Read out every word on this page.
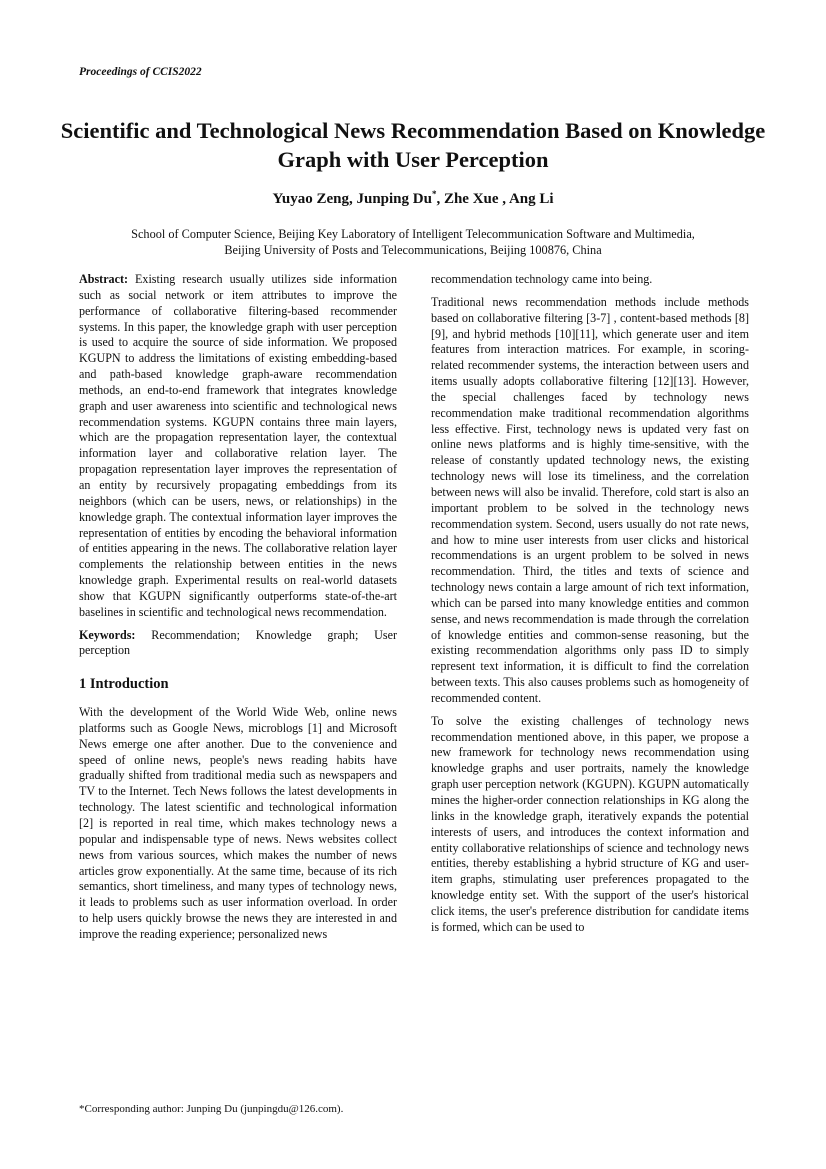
Proceedings of CCIS2022
Scientific and Technological News Recommendation Based on Knowledge Graph with User Perception
Yuyao Zeng, Junping Du*, Zhe Xue , Ang Li
School of Computer Science, Beijing Key Laboratory of Intelligent Telecommunication Software and Multimedia,
Beijing University of Posts and Telecommunications, Beijing 100876, China

Abstract: Existing research usually utilizes side information such as social network or item attributes to improve the performance of collaborative filtering-based recommender systems. In this paper, the knowledge graph with user perception is used to acquire the source of side information. We proposed KGUPN to address the limitations of existing embedding-based and path-based knowledge graph-aware recommendation methods, an end-to-end framework that integrates knowledge graph and user awareness into scientific and technological news recommendation systems. KGUPN contains three main layers, which are the propagation representation layer, the contextual information layer and collaborative relation layer. The propagation representation layer improves the representation of an entity by recursively propagating embeddings from its neighbors (which can be users, news, or relationships) in the knowledge graph. The contextual information layer improves the representation of entities by encoding the behavioral information of entities appearing in the news. The collaborative relation layer complements the relationship between entities in the news knowledge graph. Experimental results on real-world datasets show that KGUPN significantly outperforms state-of-the-art baselines in scientific and technological news recommendation.

Keywords: Recommendation; Knowledge graph; User perception

1 Introduction

With the development of the World Wide Web, online news platforms such as Google News, microblogs [1] and Microsoft News emerge one after another. Due to the convenience and speed of online news, people's news reading habits have gradually shifted from traditional media such as newspapers and TV to the Internet. Tech News follows the latest developments in technology. The latest scientific and technological information [2] is reported in real time, which makes technology news a popular and indispensable type of news. News websites collect news from various sources, which makes the number of news articles grow exponentially. At the same time, because of its rich semantics, short timeliness, and many types of technology news, it leads to problems such as user information overload. In order to help users quickly browse the news they are interested in and improve the reading experience; personalized news

recommendation technology came into being.

Traditional news recommendation methods include methods based on collaborative filtering [3-7] , content-based methods [8][9], and hybrid methods [10][11], which generate user and item features from interaction matrices. For example, in scoring-related recommender systems, the interaction between users and items usually adopts collaborative filtering [12][13]. However, the special challenges faced by technology news recommendation make traditional recommendation algorithms less effective. First, technology news is updated very fast on online news platforms and is highly time-sensitive, with the release of constantly updated technology news, the existing technology news will lose its timeliness, and the correlation between news will also be invalid. Therefore, cold start is also an important problem to be solved in the technology news recommendation system. Second, users usually do not rate news, and how to mine user interests from user clicks and historical recommendations is an urgent problem to be solved in news recommendation. Third, the titles and texts of science and technology news contain a large amount of rich text information, which can be parsed into many knowledge entities and common sense, and news recommendation is made through the correlation of knowledge entities and common-sense reasoning, but the existing recommendation algorithms only pass ID to simply represent text information, it is difficult to find the correlation between texts. This also causes problems such as homogeneity of recommended content.

To solve the existing challenges of technology news recommendation mentioned above, in this paper, we propose a new framework for technology news recommendation using knowledge graphs and user portraits, namely the knowledge graph user perception network (KGUPN). KGUPN automatically mines the higher-order connection relationships in KG along the links in the knowledge graph, iteratively expands the potential interests of users, and introduces the context information and entity collaborative relationships of science and technology news entities, thereby establishing a hybrid structure of KG and user-item graphs, stimulating user preferences propagated to the knowledge entity set. With the support of the user's historical click items, the user's preference distribution for candidate items is formed, which can be used to

*Corresponding author: Junping Du (junpingdu@126.com).
